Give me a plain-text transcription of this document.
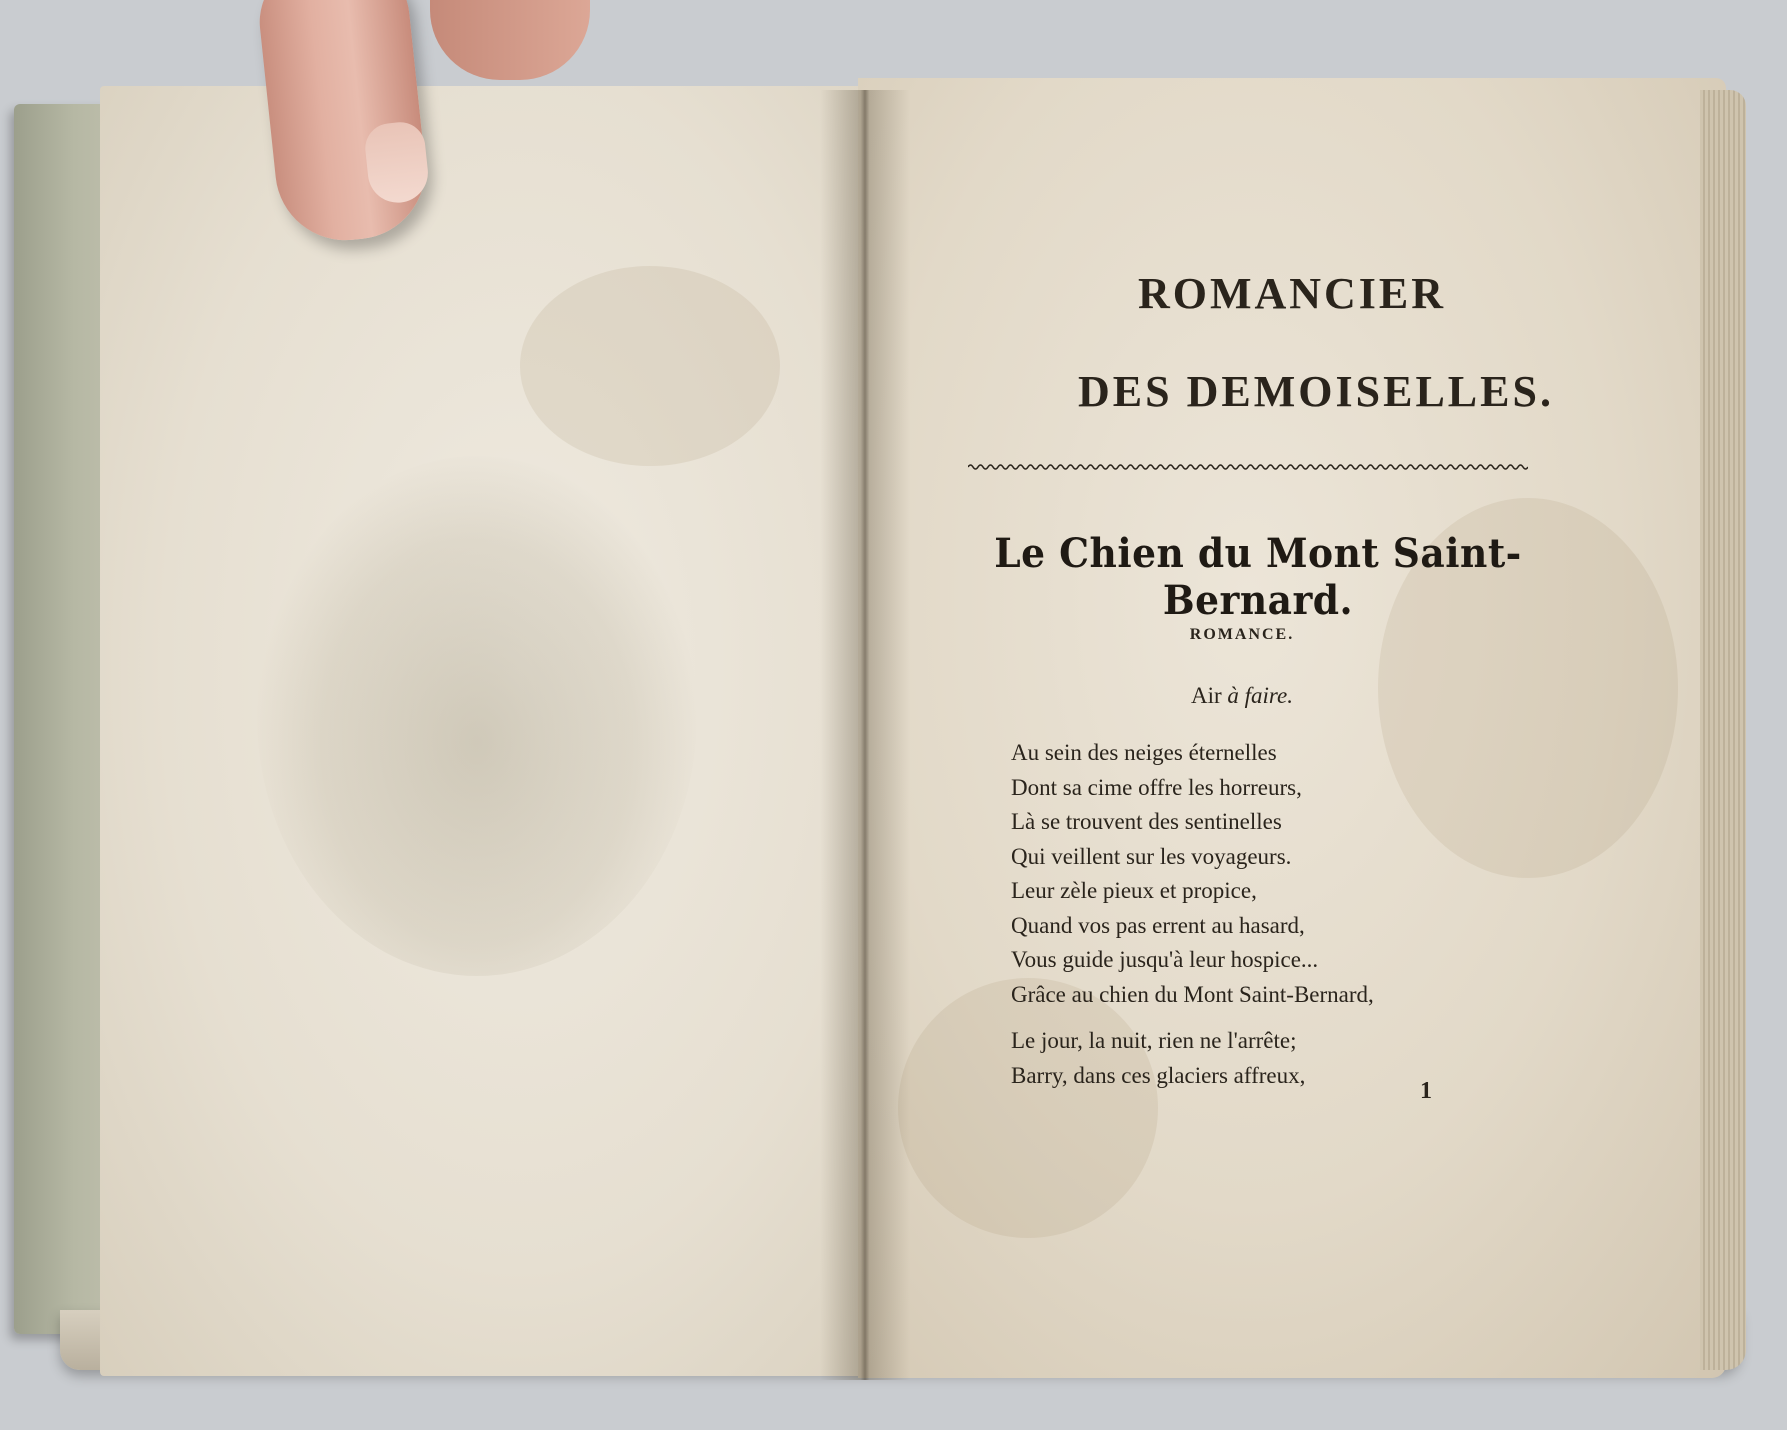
ROMANCIER
DES DEMOISELLES.
Le Chien du Mont Saint-Bernard.
ROMANCE.
Air à faire.
Au sein des neiges éternelles
Dont sa cime offre les horreurs,
Là se trouvent des sentinelles
Qui veillent sur les voyageurs.
Leur zèle pieux et propice,
Quand vos pas errent au hasard,
Vous guide jusqu'à leur hospice...
Grâce au chien du Mont Saint-Bernard,
Le jour, la nuit, rien ne l'arrête;
Barry, dans ces glaciers affreux,
1
